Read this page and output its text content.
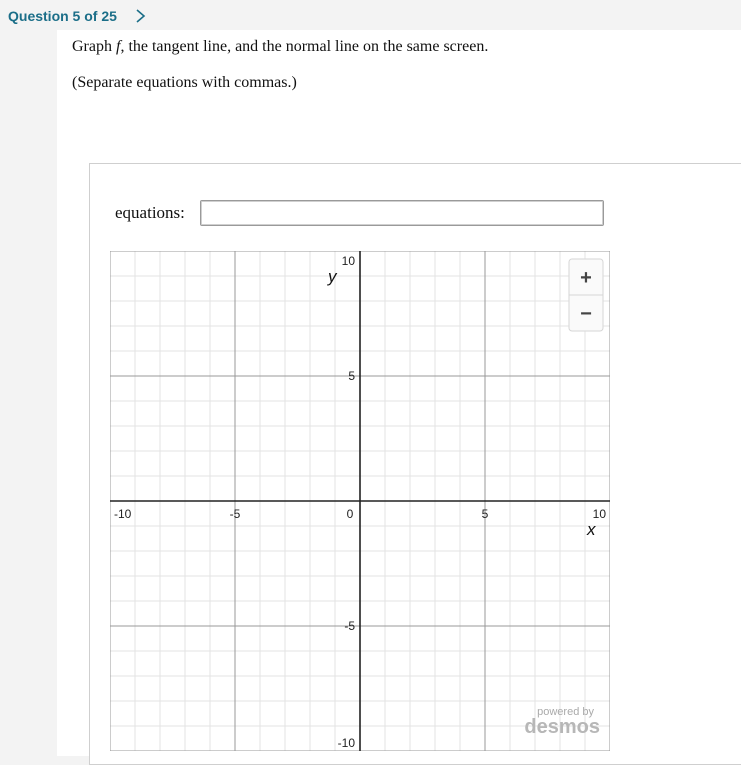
Question 5 of 25
Graph f, the tangent line, and the normal line on the same screen.
(Separate equations with commas.)
equations:
-10	-5	0	5	10
10
5
-5
-10
y
x
+
−
powered by
desmos
